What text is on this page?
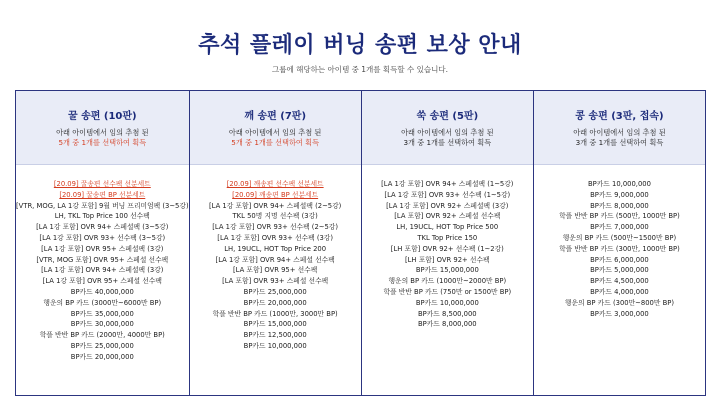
추석 플레이 버닝 송편 보상 안내
그룹에 해당하는 아이템 중 1개를 획득할 수 있습니다.
꿀 송편 (10판)
아래 아이템에서 임의 추첨 된
5개 중 1개를 선택하여 획득
[20.09] 꿀송편 선수팩 선분세트
[20.09] 꿀송편 BP 선분세트
[VTR, MOG, LA 1강 포함] 9월 버닝 프리미엄팩 (3~5강)
LH, TKL Top Price 100 선수팩
[LA 1강 포함] OVR 94+ 스페셜팩 (3~5강)
[LA 1강 포함] OVR 93+ 선수팩 (3~5강)
[LA 1강 포함] OVR 95+ 스페셜팩 (3강)
[VTR, MOG 포함] OVR 95+ 스페셜 선수팩
[LA 1강 포함] OVR 94+ 스페셜팩 (3강)
[LA 1강 포함] OVR 95+ 스페셜 선수팩
BP카드 40,000,000
행운의 BP 카드 (3000만~6000만 BP)
BP카드 35,000,000
BP카드 30,000,000
학플 반반 BP 카드 (2000만, 4000만 BP)
BP카드 25,000,000
BP카드 20,000,000
깨 송편 (7판)
아래 아이템에서 임의 추첨 된
5개 중 1개를 선택하여 획득
[20.09] 깨송편 선수팩 선분세트
[20.09] 깨송편 BP 선분세트
[LA 1강 포함] OVR 94+ 스페셜팩 (2~5강)
TKL 50명 지명 선수팩 (3강)
[LA 1강 포함] OVR 93+ 선수팩 (2~5강)
[LA 1강 포함] OVR 93+ 선수팩 (3강)
LH, 19UCL, HOT Top Price 200
[LA 1강 포함] OVR 94+ 스페셜 선수팩
[LA 포함] OVR 95+ 선수팩
[LA 포함] OVR 93+ 스페셜 선수팩
BP카드 25,000,000
BP카드 20,000,000
학플 반반 BP 카드 (1000만, 3000만 BP)
BP카드 15,000,000
BP카드 12,500,000
BP카드 10,000,000
쑥 송편 (5판)
아래 아이템에서 임의 추첨 된
3개 중 1개를 선택하여 획득
[LA 1강 포함] OVR 94+ 스페셜팩 (1~5강)
[LA 1강 포함] OVR 93+ 선수팩 (1~5강)
[LA 1강 포함] OVR 92+ 스페셜팩 (3강)
[LA 포함] OVR 92+ 스페셜 선수팩
LH, 19UCL, HOT Top Price 500
TKL Top Price 150
[LH 포함] OVR 92+ 선수팩 (1~2강)
[LH 포함] OVR 92+ 선수팩
BP카드 15,000,000
행운의 BP 카드 (1000만~2000만 BP)
학플 반반 BP 카드 (750만 or 1500만 BP)
BP카드 10,000,000
BP카드 8,500,000
BP카드 8,000,000
콩 송편 (3판, 접속)
아래 아이템에서 임의 추첨 된
3개 중 1개를 선택하여 획득
BP카드 10,000,000
BP카드 9,000,000
BP카드 8,000,000
학플 반반 BP 카드 (500만, 1000만 BP)
BP카드 7,000,000
행운의 BP 카드 (500만~1500만 BP)
학플 반반 BP 카드 (300만, 1000만 BP)
BP카드 6,000,000
BP카드 5,000,000
BP카드 4,500,000
BP카드 4,000,000
행운의 BP 카드 (300만~800만 BP)
BP카드 3,000,000
